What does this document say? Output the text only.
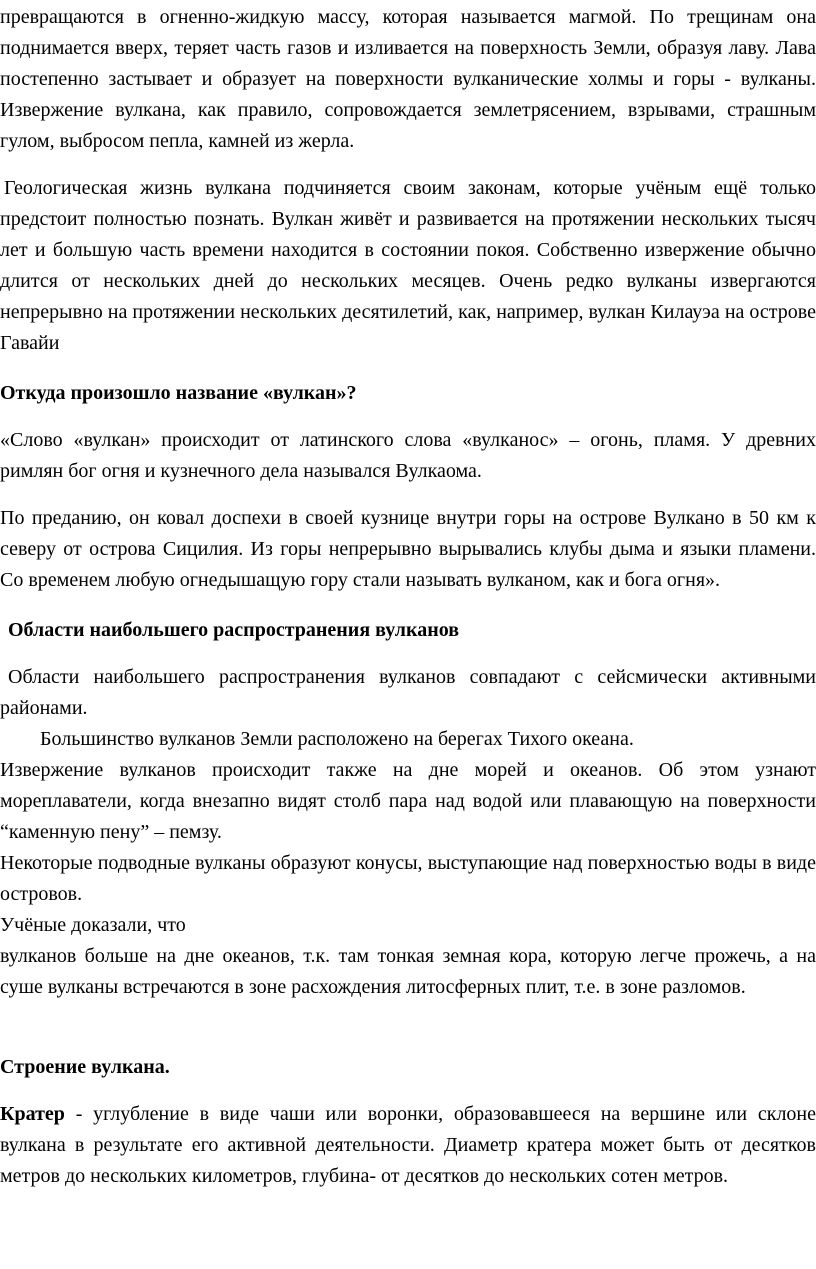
превращаются в огненно-жидкую массу, которая называется магмой. По трещинам она поднимается вверх, теряет часть газов и изливается на поверхность Земли, образуя лаву. Лава постепенно застывает и образует на поверхности вулканические холмы и горы - вулканы. Извержение вулкана, как правило, сопровождается землетрясением, взрывами, страшным гулом, выбросом пепла, камней из жерла.

Геологическая жизнь вулкана подчиняется своим законам, которые учёным ещё только предстоит полностью познать. Вулкан живёт и развивается на протяжении нескольких тысяч лет и большую часть времени находится в состоянии покоя. Собственно извержение обычно длится от нескольких дней до нескольких месяцев. Очень редко вулканы извергаются непрерывно на протяжении нескольких десятилетий, как, например, вулкан Килауэа на острове Гавайи

Откуда произошло название «вулкан»?

«Слово «вулкан» происходит от латинского слова «вулканос» – огонь, пламя. У древних римлян бог огня и кузнечного дела назывался Вулкаома.

По преданию, он ковал доспехи в своей кузнице внутри горы на острове Вулкано в 50 км к северу от острова Сицилия. Из горы непрерывно вырывались клубы дыма и языки пламени. Со временем любую огнедышащую гору стали называть вулканом, как и бога огня».

Области наибольшего распространения вулканов

Области наибольшего распространения вулканов совпадают с сейсмически активными районами.

Большинство вулканов Земли расположено на берегах Тихого океана.

Извержение вулканов происходит также на дне морей и океанов. Об этом узнают мореплаватели, когда внезапно видят столб пара над водой или плавающую на поверхности “каменную пену” – пемзу.

Некоторые подводные вулканы образуют конусы, выступающие над поверхностью воды в виде островов.

Учёные доказали, что

вулканов больше на дне океанов, т.к. там тонкая земная кора, которую легче прожечь, а на суше вулканы встречаются в зоне расхождения литосферных плит, т.е. в зоне разломов.

Строение вулкана.

Кратер - углубление в виде чаши или воронки, образовавшееся на вершине или склоне вулкана в результате его активной деятельности. Диаметр кратера может быть от десятков метров до нескольких километров, глубина- от десятков до нескольких сотен метров.
